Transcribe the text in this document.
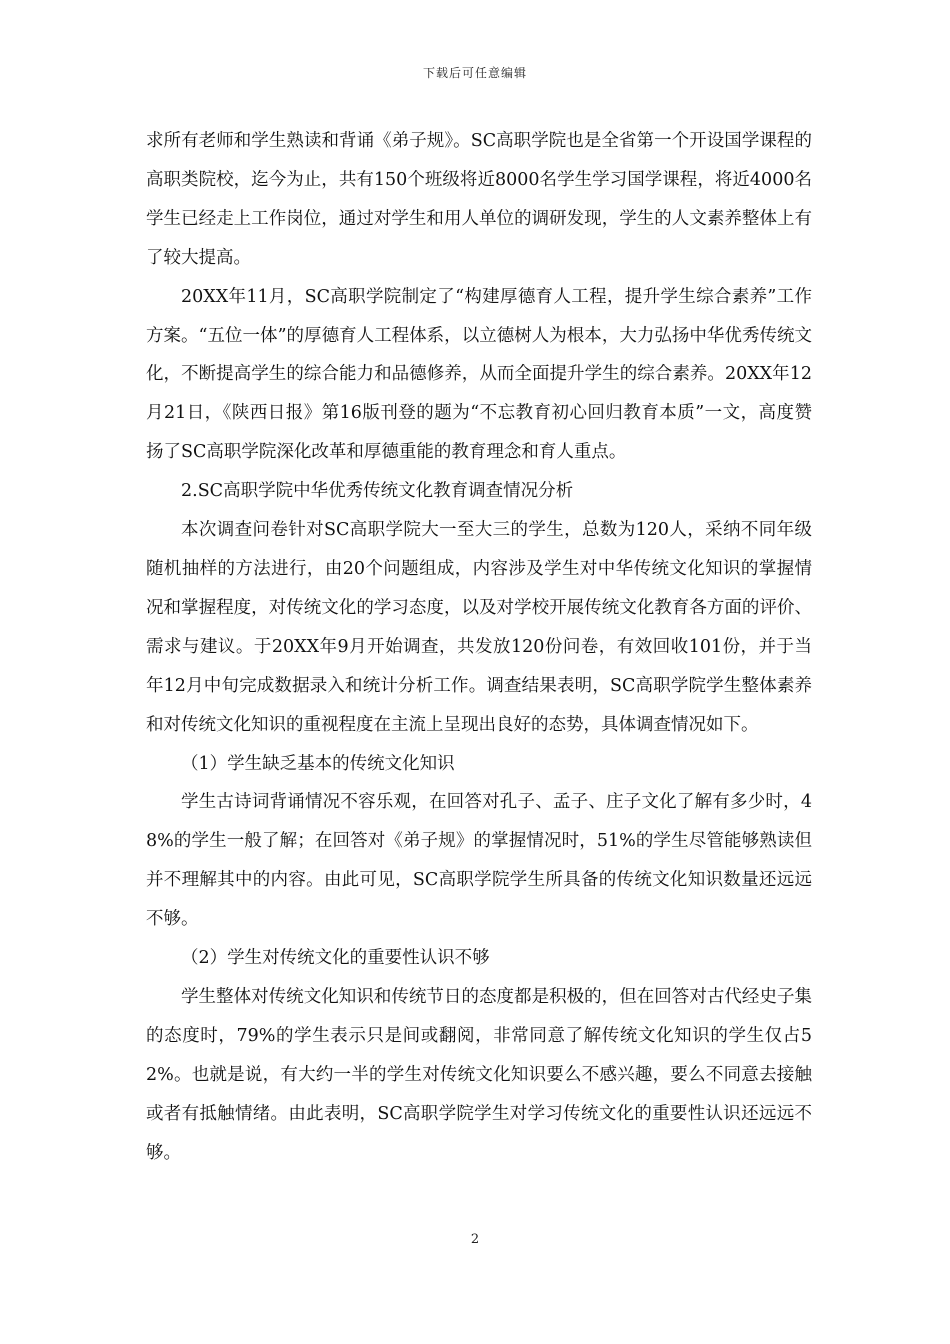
下载后可任意编辑

求所有老师和学生熟读和背诵《弟子规》。SC高职学院也是全省第一个开设国学课程的高职类院校，迄今为止，共有150个班级将近8000名学生学习国学课程，将近4000名学生已经走上工作岗位，通过对学生和用人单位的调研发现，学生的人文素养整体上有了较大提高。

20XX年11月，SC高职学院制定了“构建厚德育人工程，提升学生综合素养”工作方案。“五位一体”的厚德育人工程体系，以立德树人为根本，大力弘扬中华优秀传统文化，不断提高学生的综合能力和品德修养，从而全面提升学生的综合素养。20XX年12月21日，《陕西日报》第16版刊登的题为“不忘教育初心回归教育本质”一文，高度赞扬了SC高职学院深化改革和厚德重能的教育理念和育人重点。

2.SC高职学院中华优秀传统文化教育调查情况分析

本次调查问卷针对SC高职学院大一至大三的学生，总数为120人，采纳不同年级随机抽样的方法进行，由20个问题组成，内容涉及学生对中华传统文化知识的掌握情况和掌握程度，对传统文化的学习态度，以及对学校开展传统文化教育各方面的评价、需求与建议。于20XX年9月开始调查，共发放120份问卷，有效回收101份，并于当年12月中旬完成数据录入和统计分析工作。调查结果表明，SC高职学院学生整体素养和对传统文化知识的重视程度在主流上呈现出良好的态势，具体调查情况如下。

（1）学生缺乏基本的传统文化知识

学生古诗词背诵情况不容乐观，在回答对孔子、孟子、庄子文化了解有多少时，48%的学生一般了解；在回答对《弟子规》的掌握情况时，51%的学生尽管能够熟读但并不理解其中的内容。由此可见，SC高职学院学生所具备的传统文化知识数量还远远不够。

（2）学生对传统文化的重要性认识不够

学生整体对传统文化知识和传统节日的态度都是积极的，但在回答对古代经史子集的态度时，79%的学生表示只是间或翻阅，非常同意了解传统文化知识的学生仅占52%。也就是说，有大约一半的学生对传统文化知识要么不感兴趣，要么不同意去接触或者有抵触情绪。由此表明，SC高职学院学生对学习传统文化的重要性认识还远远不够。

2
